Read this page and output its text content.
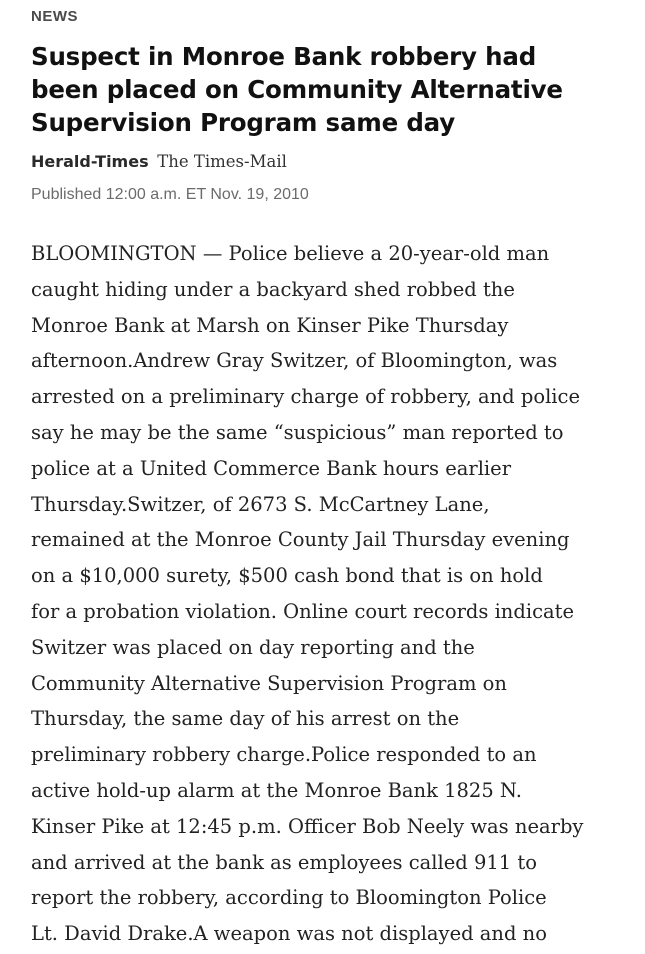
NEWS
Suspect in Monroe Bank robbery had
been placed on Community Alternative
Supervision Program same day
Herald-Times The Times-Mail
Published 12:00 a.m. ET Nov. 19, 2010
BLOOMINGTON — Police believe a 20-year-old man
caught hiding under a backyard shed robbed the
Monroe Bank at Marsh on Kinser Pike Thursday
afternoon.Andrew Gray Switzer, of Bloomington, was
arrested on a preliminary charge of robbery, and police
say he may be the same “suspicious” man reported to
police at a United Commerce Bank hours earlier
Thursday.Switzer, of 2673 S. McCartney Lane,
remained at the Monroe County Jail Thursday evening
on a $10,000 surety, $500 cash bond that is on hold
for a probation violation. Online court records indicate
Switzer was placed on day reporting and the
Community Alternative Supervision Program on
Thursday, the same day of his arrest on the
preliminary robbery charge.Police responded to an
active hold-up alarm at the Monroe Bank 1825 N.
Kinser Pike at 12:45 p.m. Officer Bob Neely was nearby
and arrived at the bank as employees called 911 to
report the robbery, according to Bloomington Police
Lt. David Drake.A weapon was not displayed and no
